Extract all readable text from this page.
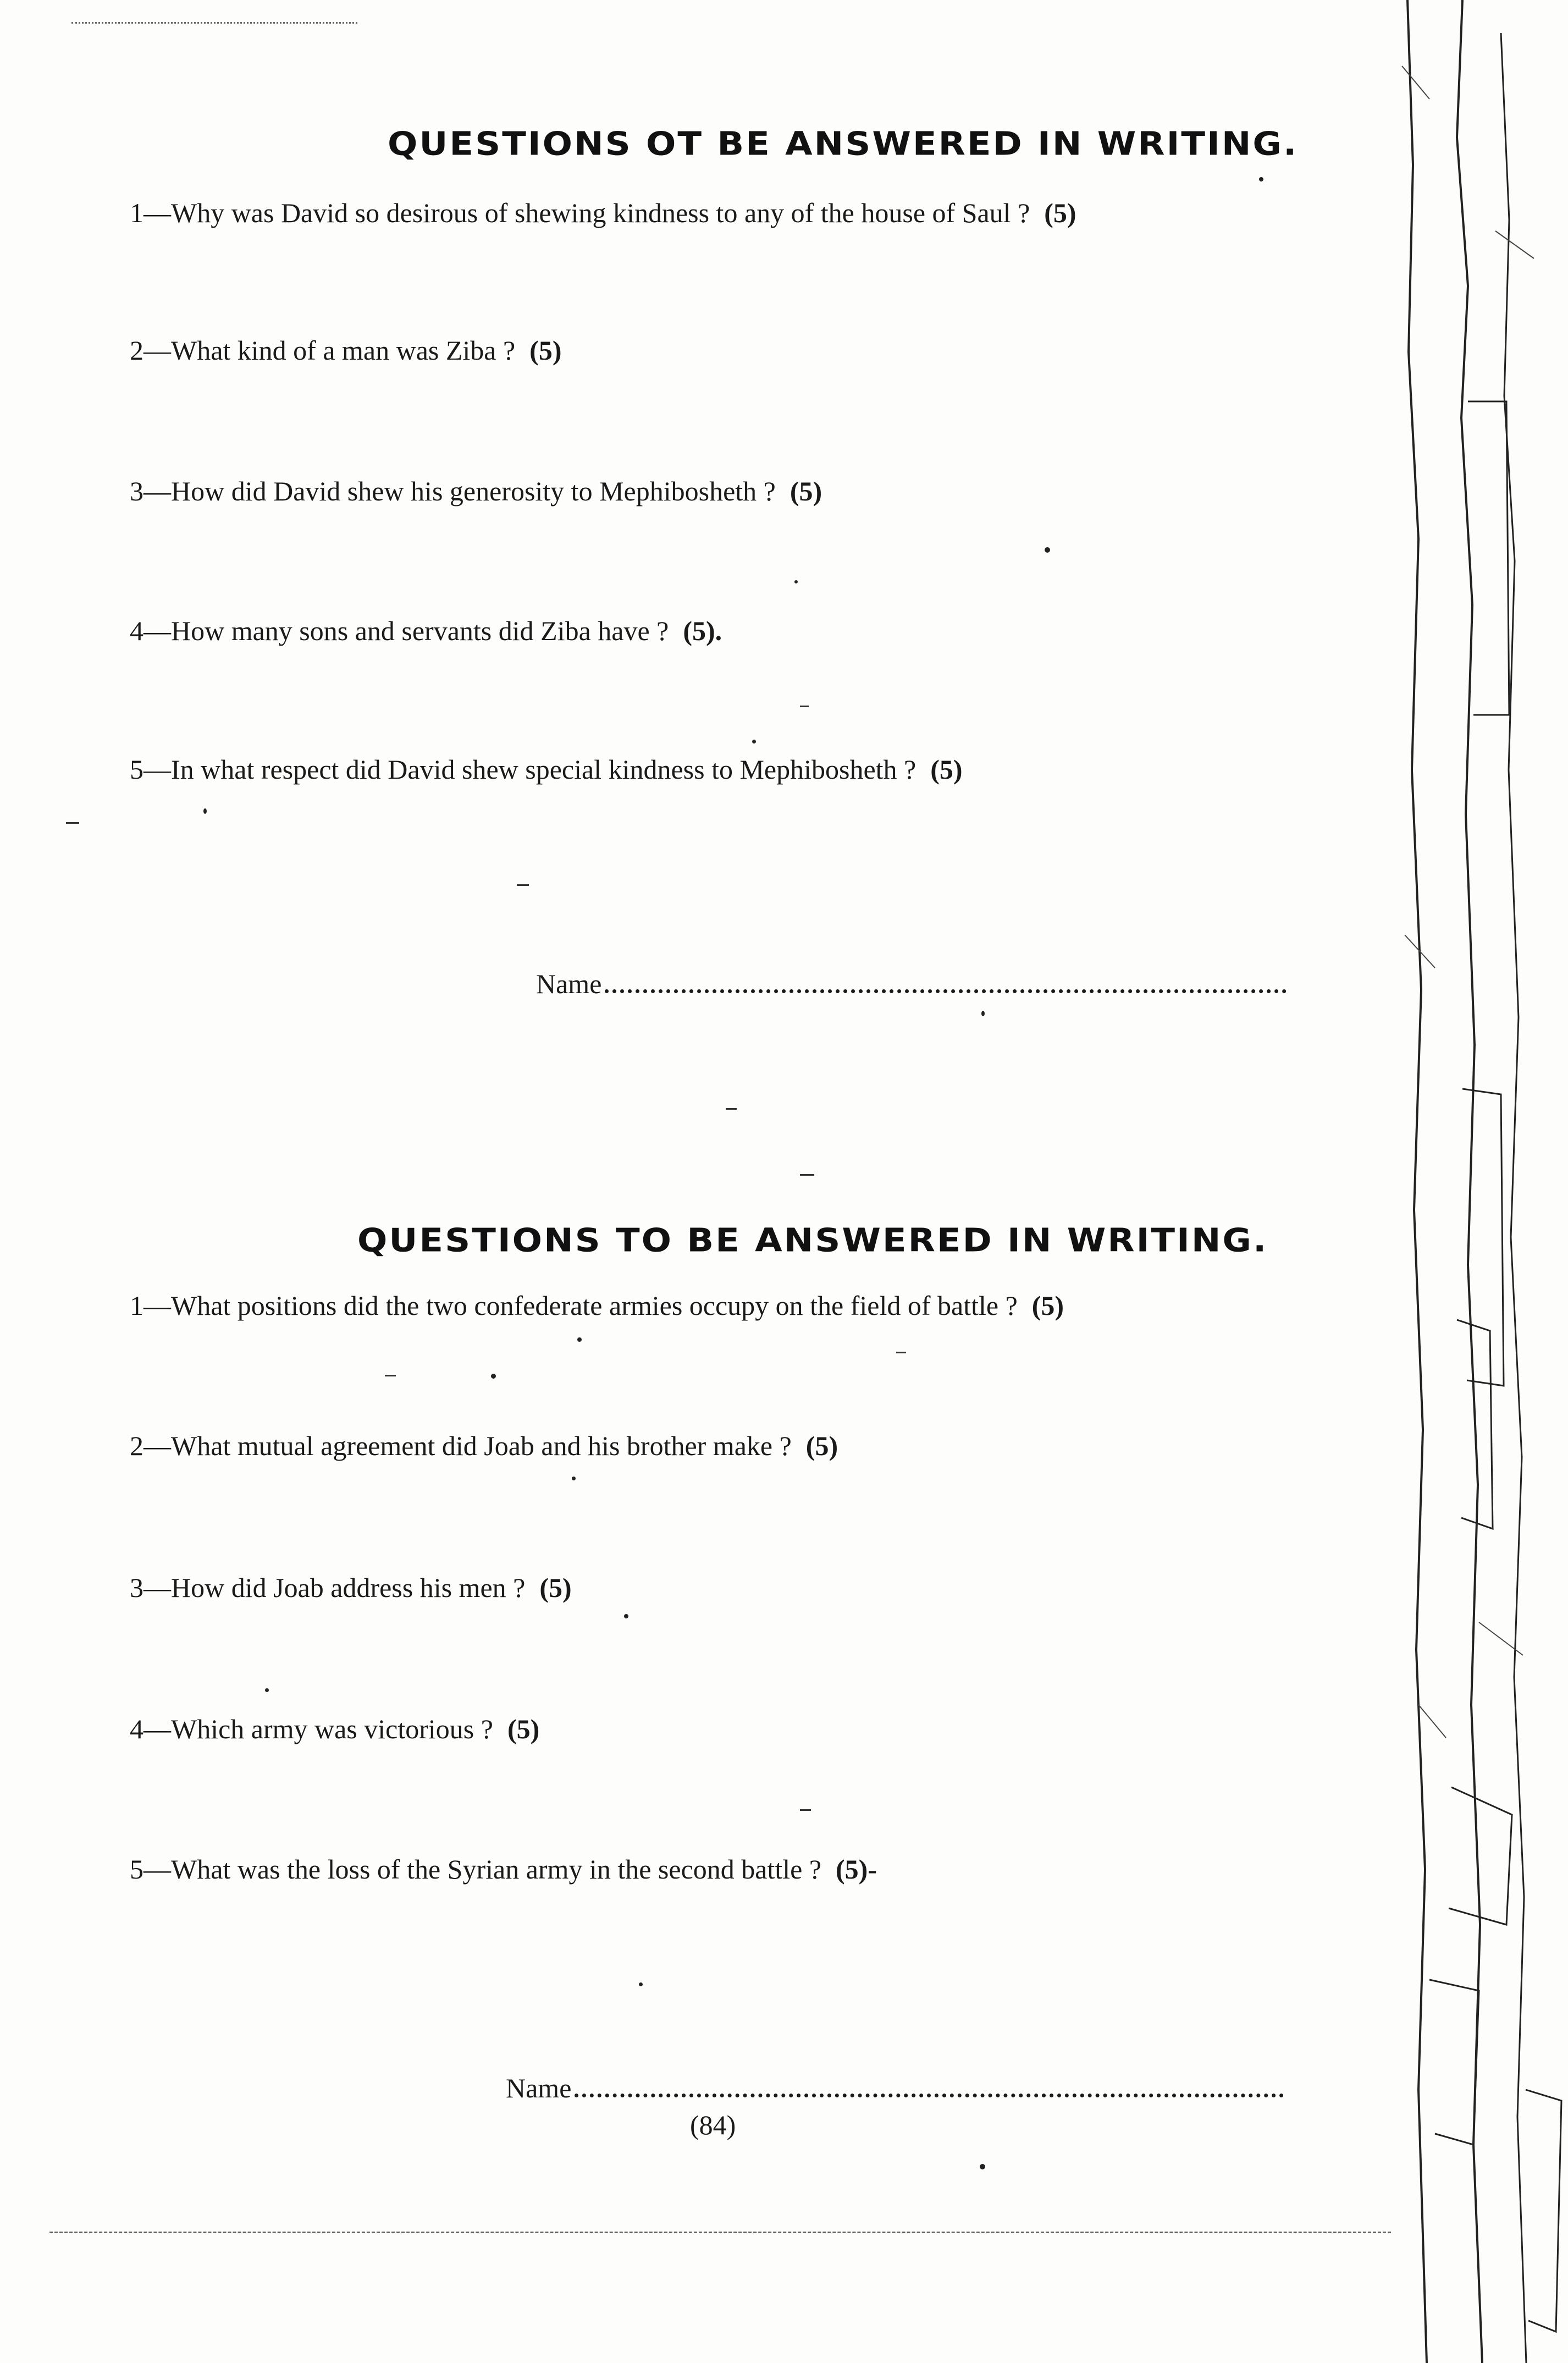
QUESTIONS OT BE ANSWERED IN WRITING.
1—Why was David so desirous of shewing kindness to any of the house of Saul ? (5)
2—What kind of a man was Ziba ? (5)
3—How did David shew his generosity to Mephibosheth ? (5)
4—How many sons and servants did Ziba have ? (5).
5—In what respect did David shew special kindness to Mephibosheth ? (5)
Name
QUESTIONS TO BE ANSWERED IN WRITING.
1—What positions did the two confederate armies occupy on the field of battle ? (5)
2—What mutual agreement did Joab and his brother make ? (5)
3—How did Joab address his men ? (5)
4—Which army was victorious ? (5)
5—What was the loss of the Syrian army in the second battle ? (5)-
Name
(84)
